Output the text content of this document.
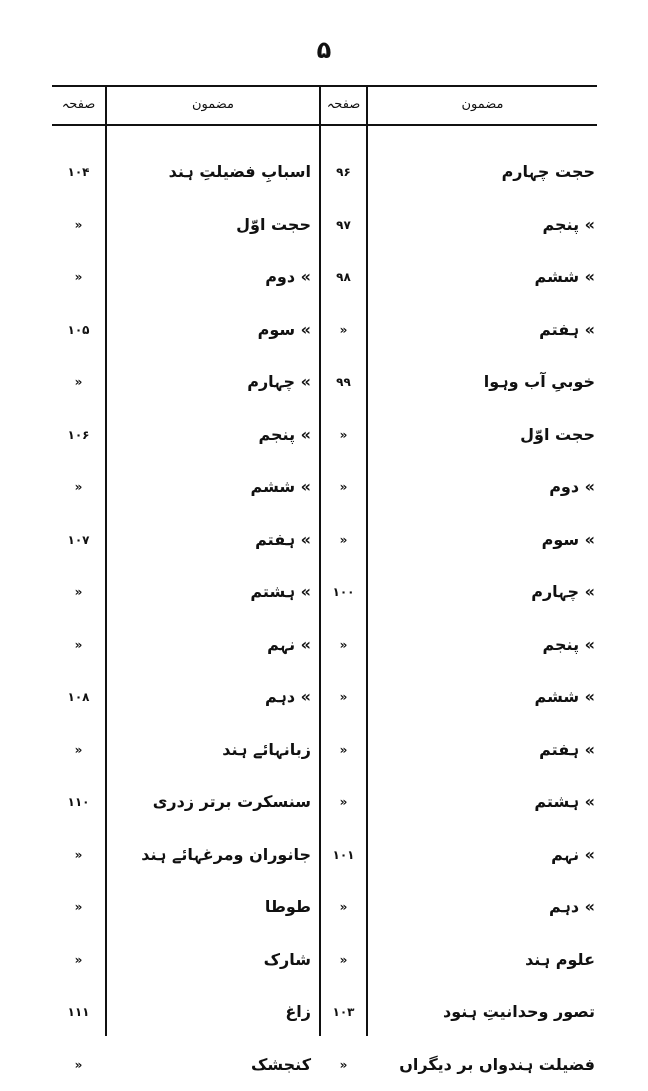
۵
صفحہ	مضمون	صفحہ	مضمون
۱۰۴	اسبابِ فضیلتِ ہند	۹۶	حجت چہارم
»	حجت اوّل	۹۷	» پنجم
»	» دوم	۹۸	» ششم
۱۰۵	» سوم	»	» ہفتم
»	» چہارم	۹۹	خوبیِ آب وہوا
۱۰۶	» پنجم	»	حجت اوّل
»	» ششم	»	» دوم
۱۰۷	» ہفتم	»	» سوم
»	» ہشتم	۱۰۰	» چہارم
»	» نہم	»	» پنجم
۱۰۸	» دہم	»	» ششم
»	زبانہائے ہند	»	» ہفتم
۱۱۰	سنسکرت برتر زدری	»	» ہشتم
»	جانوران ومرغہائے ہند	۱۰۱	» نہم
»	طوطا	»	» دہم
»	شارک	»	علوم ہند
۱۱۱	زاغ	۱۰۳	تصور وحدانیتِ ہنود
»	کنجشک	»	فضیلت ہندواں بر دیگراں
